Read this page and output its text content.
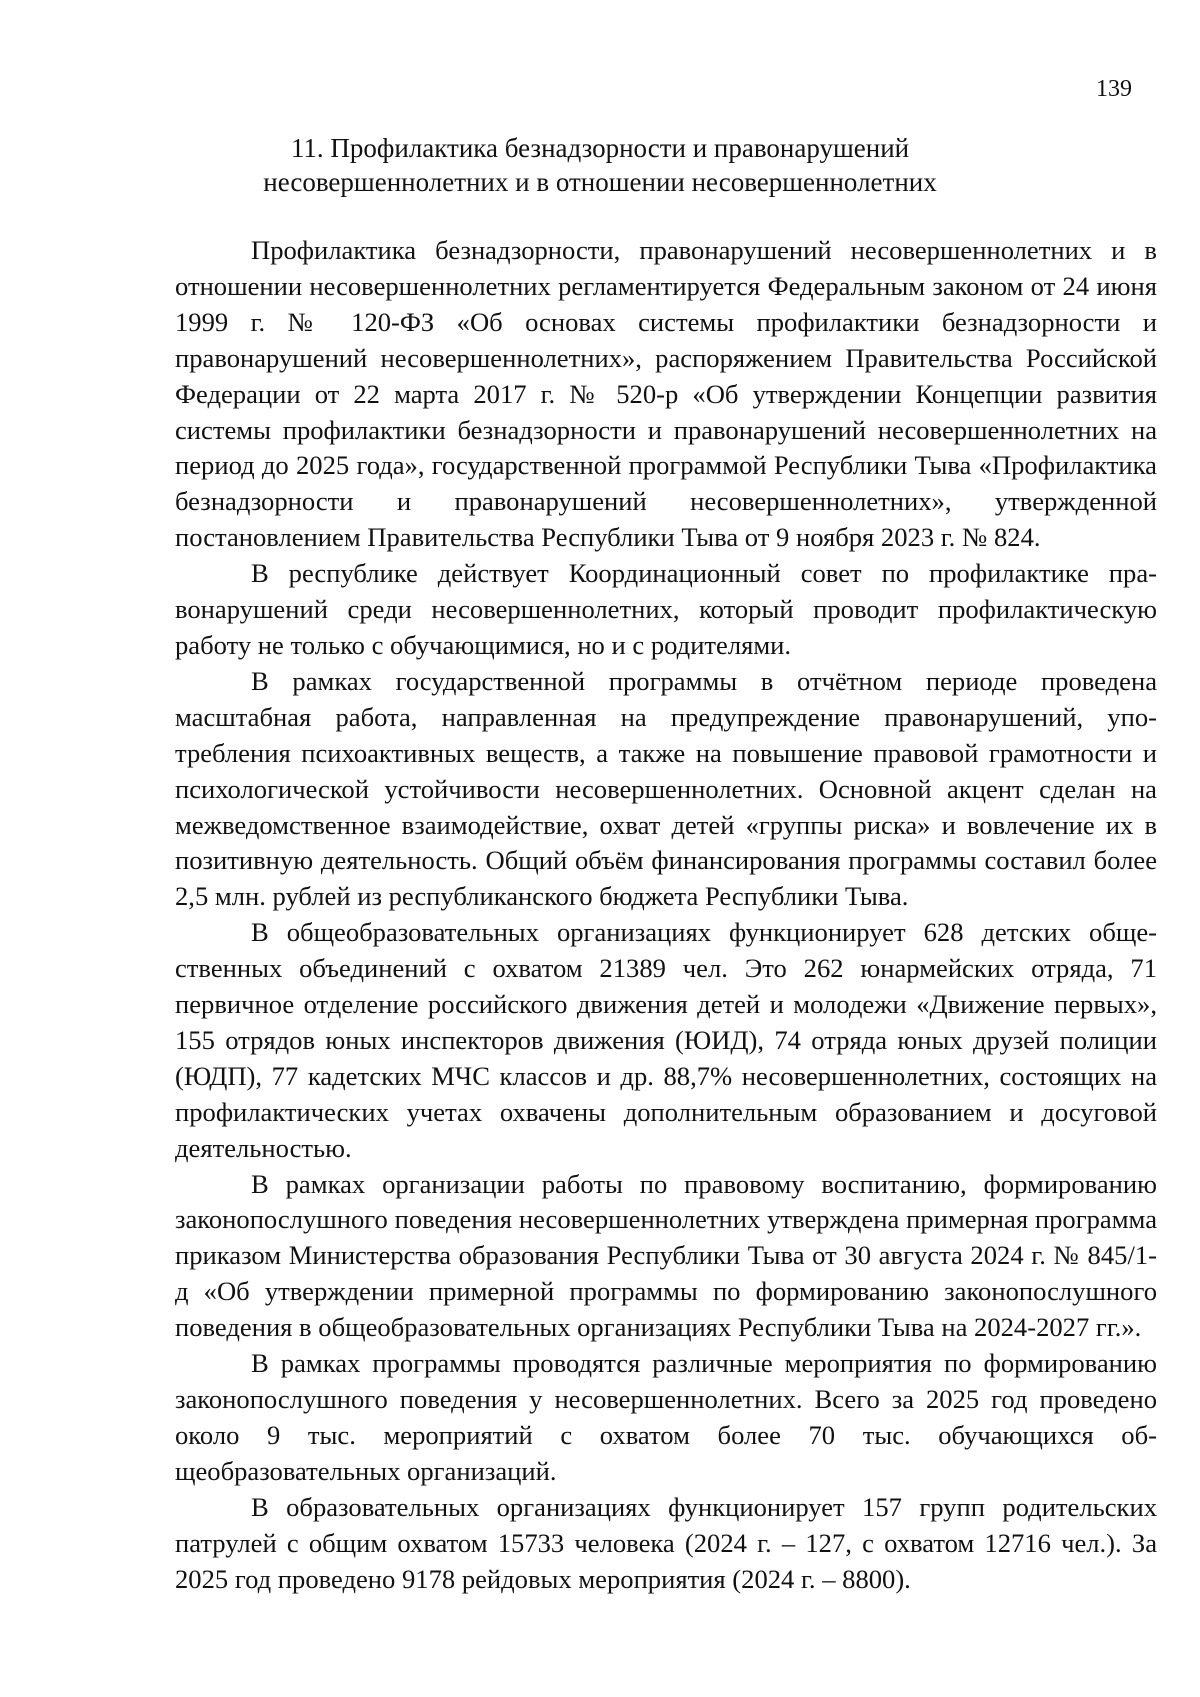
139
11. Профилактика безнадзорности и правонарушений
несовершеннолетних и в отношении несовершеннолетних

Профилактика безнадзорности, правонарушений несовершеннолетних и в отношении несовершеннолетних регламентируется Федеральным законом от 24 июня 1999 г. № 120-ФЗ «Об основах системы профилактики безнадзорности и правонарушений несовершеннолетних», распоряжением Правительства Российской Федерации от 22 марта 2017 г. № 520-р «Об утверждении Концепции развития системы профилактики безнадзорности и правонарушений несовершеннолетних на период до 2025 года», государственной программой Республики Тыва «Профилактика безнадзорности и правонарушений несовершеннолетних», утвержденной постановлением Правительства Республики Тыва от 9 ноября 2023 г. № 824.

В республике действует Координационный совет по профилактике правонарушений среди несовершеннолетних, который проводит профилактическую работу не только с обучающимися, но и с родителями.

В рамках государственной программы в отчётном периоде проведена масштабная работа, направленная на предупреждение правонарушений, употребления психоактивных веществ, а также на повышение правовой грамотности и психологической устойчивости несовершеннолетних. Основной акцент сделан на межведомственное взаимодействие, охват детей «группы риска» и вовлечение их в позитивную деятельность. Общий объём финансирования программы составил более 2,5 млн. рублей из республиканского бюджета Республики Тыва.

В общеобразовательных организациях функционирует 628 детских общественных объединений с охватом 21389 чел. Это 262 юнармейских отряда, 71 первичное отделение российского движения детей и молодежи «Движение первых», 155 отрядов юных инспекторов движения (ЮИД), 74 отряда юных друзей полиции (ЮДП), 77 кадетских МЧС классов и др. 88,7% несовершеннолетних, состоящих на профилактических учетах охвачены дополнительным образованием и досуговой деятельностью.

В рамках организации работы по правовому воспитанию, формированию законопослушного поведения несовершеннолетних утверждена примерная программа приказом Министерства образования Республики Тыва от 30 августа 2024 г. № 845/1-д «Об утверждении примерной программы по формированию законопослушного поведения в общеобразовательных организациях Республики Тыва на 2024-2027 гг.».

В рамках программы проводятся различные мероприятия по формированию законопослушного поведения у несовершеннолетних. Всего за 2025 год проведено около 9 тыс. мероприятий с охватом более 70 тыс. обучающихся общеобразовательных организаций.

В образовательных организациях функционирует 157 групп родительских патрулей с общим охватом 15733 человека (2024 г. – 127, с охватом 12716 чел.). За 2025 год проведено 9178 рейдовых мероприятия (2024 г. – 8800).
